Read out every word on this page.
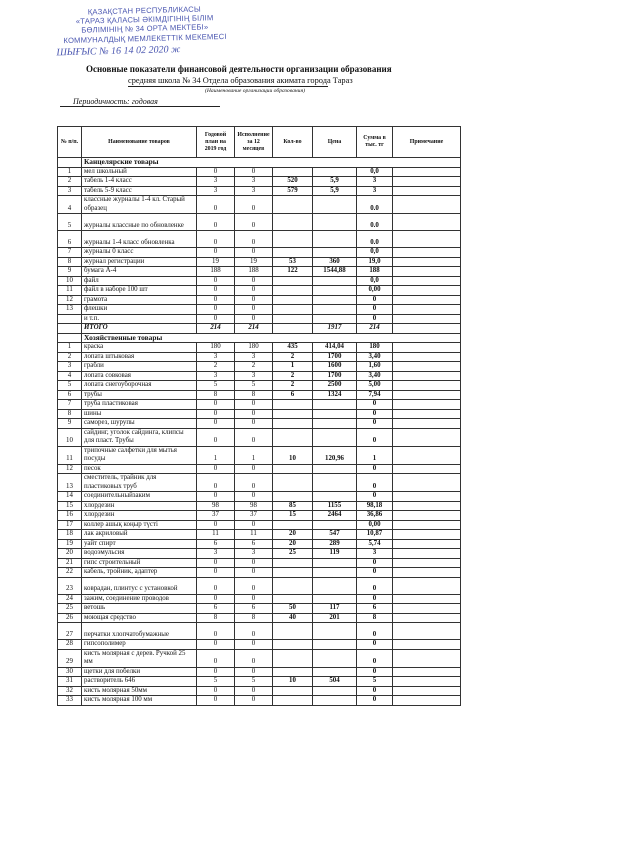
ҚАЗАҚСТАН РЕСПУБЛИКАСЫ
«ТАРАЗ ҚАЛАСЫ ӘКІМДІГІНІҢ БІЛІМ
БӨЛІМІНІҢ № 34 ОРТА МЕКТЕБІ»
КОММУНАЛДЫҚ МЕМЛЕКЕТТІК МЕКЕМЕСІ
ШЫҒЫС № 16 14 02 2020 ж
Основные показатели финансовой деятельности организации образования
средняя школа № 34 Отдела образования акимата города Тараз
(Наименование организации образования)
Периодичность: годовая
№ п/п.	Наименование товаров	Годовой план на 2019 год	Исполнение за 12 месяцев	Кол-во	Цена	Сумма в тыс. тг	Примечание
	Канцелярские товары						
1	мел школьный	0	0			0,0	
2	табель 1-4 класс	3	3	520	5,9	3	
3	табель 5-9 класс	3	3	579	5,9	3	
4	классные журналы 1-4 кл. Старый образец	0	0			0.0	
5	журналы классные по обновленке	0	0			0.0	
6	журналы 1-4 класс обновленка	0	0			0.0	
7	журналы 0 класс	0	0			0,0	
8	журнал регистрации	19	19	53	360	19,0	
9	бумага А-4	188	188	122	1544,88	188	
10	файл	0	0			0,0	
11	файл в наборе 100 шт	0	0			0,00	
12	грамота	0	0			0	
13	флешки	0	0			0	
	и т.п.	0	0			0	
	ИТОГО	214	214		1917	214	
	Хозяйственные товары						
1	краска	180	180	435	414,04	180	
2	лопата штыковая	3	3	2	1700	3,40	
3	грабли	2	2	1	1600	1,60	
4	лопата совковая	3	3	2	1700	3,40	
5	лопата снегоуборочная	5	5	2	2500	5,00	
6	трубы	8	8	6	1324	7,94	
7	труба пластиковая	0	0			0	
8	шины	0	0			0	
9	саморез, шурупы	0	0			0	
10	сайдинг, уголок сайдинга, клипсы для пласт. Трубы	0	0			0	
11	трипочные салфетки для мытья посуды	1	1	10	120,96	1	
12	песок	0	0			0	
13	сместитель, трайник для пластиковых труб	0	0			0	
14	соединительныйзаким	0	0			0	
15	хлордезин	98	98	85	1155	98,18	
16	хлордезин	37	37	15	2464	36,86	
17	коллер ашық коңыр түсті	0	0			0,00	
18	лак акриловый	11	11	20	547	10,87	
19	уайт спирт	6	6	20	289	5,74	
20	водоэмульсия	3	3	25	119	3	
21	гипс строительный	0	0			0	
22	кабель, тройник, адаптер	0	0			0	
23	коврадан, плинтус с установкой	0	0			0	
24	зажим, соединение проводов	0	0			0	
25	ветошь	6	6	50	117	6	
26	моющая средство	8	8	40	201	8	
27	перчатки хлопчатобумажные	0	0			0	
28	гипсополимер	0	0			0	
29	кисть молярная с дерев. Ручкой 25 мм	0	0			0	
30	щетки для побелки	0	0			0	
31	растворитель 646	5	5	10	504	5	
32	кисть молярная 50мм	0	0			0	
33	кисть молярная 100 мм	0	0			0	
